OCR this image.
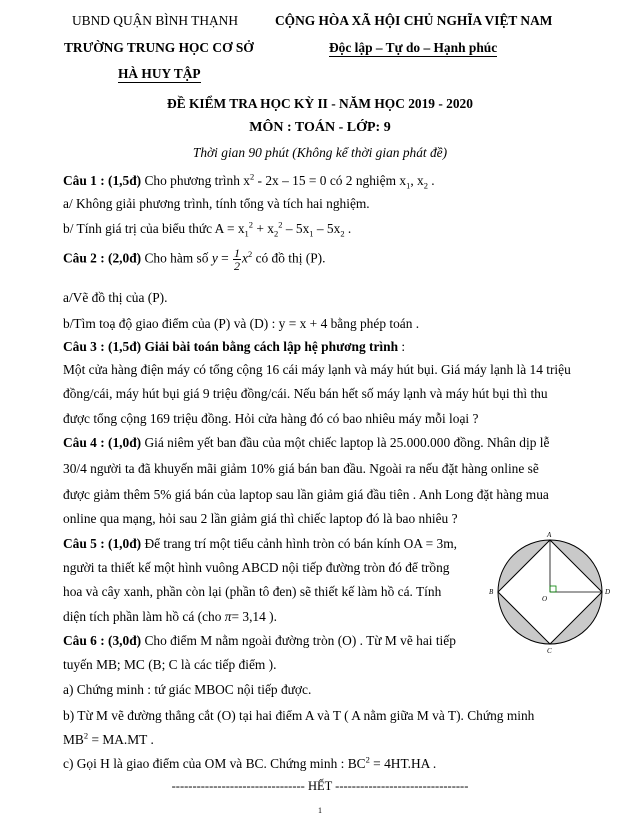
UBND QUẬN BÌNH THẠNH
TRƯỜNG TRUNG HỌC CƠ SỞ
HÀ HUY TẬP
CỘNG HÒA XÃ HỘI CHỦ NGHĨA VIỆT NAM
Độc lập – Tự do – Hạnh phúc
ĐỀ KIỂM TRA HỌC KỲ II - NĂM HỌC 2019 - 2020
MÔN : TOÁN - LỚP: 9
Thời gian 90 phút (Không kể thời gian phát đề)
Câu 1 : (1,5đ) Cho phương trình $x^2 - 2x - 15 = 0$ có 2 nghiệm $x_1$, $x_2$ .
a/ Không giải phương trình, tính tổng và tích hai nghiệm.
b/ Tính giá trị của biểu thức $A = x_1^2 + x_2^2 - 5x_1 - 5x_2$ .
Câu 2 : (2,0đ) Cho hàm số $y = \frac{1}{2} x^2$ có đồ thị (P).
a/Vẽ đồ thị của (P).
b/Tìm toạ độ giao điểm của (P) và (D) : y = x + 4 bằng phép toán .
Câu 3 : (1,5đ) Giải bài toán bằng cách lập hệ phương trình :
Một cửa hàng điện máy có tổng cộng 16 cái máy lạnh và máy hút bụi. Giá máy lạnh là 14 triệu
đồng/cái, máy hút bụi giá 9 triệu đồng/cái. Nếu bán hết số máy lạnh và máy hút bụi thì thu
được tổng cộng 169 triệu đồng. Hỏi cửa hàng đó có bao nhiêu máy mỗi loại ?
Câu 4 : (1,0đ) Giá niêm yết ban đầu của một chiếc laptop là 25.000.000 đồng. Nhân dịp lễ
30/4 người ta đã khuyến mãi giảm 10% giá bán ban đầu. Ngoài ra nếu đặt hàng online sẽ
được giảm thêm 5% giá bán của laptop sau lần giảm giá đầu tiên . Anh Long đặt hàng mua
online qua mạng, hỏi sau 2 lần giảm giá thì chiếc laptop đó là bao nhiêu ?
Câu 5 : (1,0đ) Để trang trí một tiểu cảnh hình tròn có bán kính OA = 3m,
người ta thiết kế một hình vuông ABCD nội tiếp đường tròn đó để trồng
hoa và cây xanh, phần còn lại (phần tô đen) sẽ thiết kế làm hồ cá. Tính
diện tích phần làm hồ cá (cho π= 3,14 ).
A
B
C
D
O
Câu 6 : (3,0đ) Cho điểm M nằm ngoài đường tròn (O) . Từ M vẽ hai tiếp
tuyến MB; MC (B; C là các tiếp điểm ).
a) Chứng minh : tứ giác MBOC nội tiếp được.
b) Từ M vẽ đường thẳng cắt (O) tại hai điểm A và T ( A nằm giữa M và T). Chứng minh
$MB^2 = MA.MT$ .
c) Gọi H là giao điểm của OM và BC. Chứng minh : $BC^2 = 4HT.HA$ .
-------------------------------- HẾT --------------------------------
1
